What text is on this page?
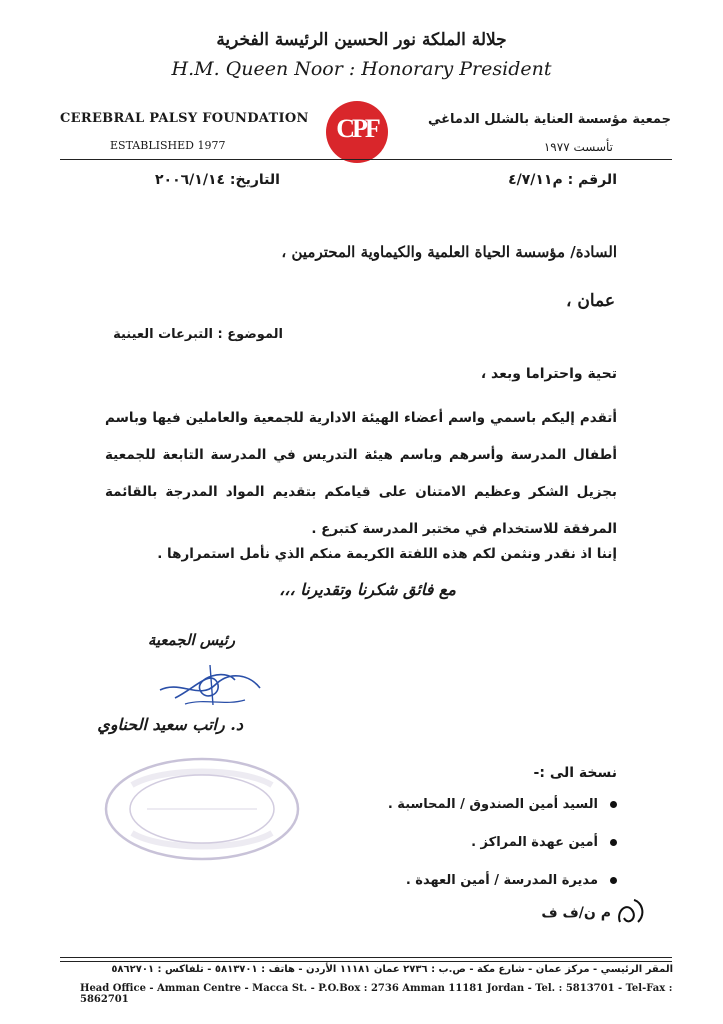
جلالة الملكة نور الحسين الرئيسة الفخرية
H.M. Queen Noor : Honorary President
CEREBRAL PALSY FOUNDATION
ESTABLISHED 1977
CPF	جمعية مؤسسة العناية بالشلل الدماغي
تأسست ١٩٧٧
الرقم : م٤/٧/١١
التاريخ: ٢٠٠٦/١/١٤
السادة/ مؤسسة الحياة العلمية والكيماوية المحترمين ،
عمان ،
الموضوع : التبرعات العينية
تحية واحتراما وبعد ،
أتقدم إليكم باسمي واسم أعضاء الهيئة الادارية للجمعية والعاملين فيها وباسم أطفال المدرسة وأسرهم وباسم هيئة التدريس في المدرسة التابعة للجمعية بجزيل الشكر وعظيم الامتنان على قيامكم بتقديم المواد المدرجة بالقائمة المرفقة للاستخدام في مختبر المدرسة كتبرع .
إننا اذ نقدر ونثمن لكم هذه اللفتة الكريمة منكم الذي نأمل استمرارها .
مع فائق شكرنا وتقديرنا ،،،
رئيس الجمعية
د. راتب سعيد الحناوي
نسخة الى :-
السيد أمين الصندوق / المحاسبة .
أمين عهدة المراكز .
مديرة المدرسة / أمين العهدة .
م ن/ف ف
المقر الرئيسي - مركز عمان - شارع مكة - ص.ب : ٢٧٣٦ عمان ١١١٨١ الأردن - هاتف : ٥٨١٣٧٠١ - تلفاكس : ٥٨٦٢٧٠١
Head Office - Amman Centre - Macca St. - P.O.Box : 2736 Amman 11181 Jordan - Tel. : 5813701 - Tel-Fax : 5862701
